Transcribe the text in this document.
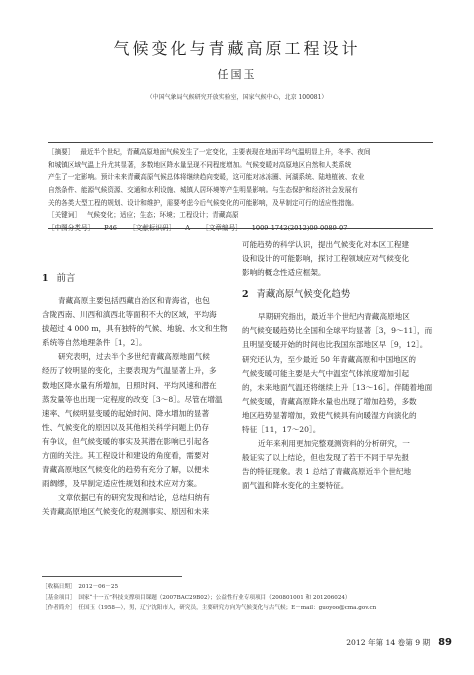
气候变化与青藏高原工程设计
任国玉
（中国气象局气候研究开放实验室，国家气候中心，北京 100081）
［摘要］ 最近半个世纪，青藏高原地面气候发生了一定变化，主要表现在地面平均气温明显上升，冬季、夜间
和城镇区域气温上升尤其显著，多数地区降水量呈现不同程度增加。气候变暖对高原地区自然和人类系统
产生了一定影响。预计未来青藏高原气候总体将继续趋向变暖，这可能对冰冻圈、河湖系统、陆地植被、农业
自然条件、能源气候资源、交通和水利设施、城镇人居环境等产生明显影响。与生态保护和经济社会发展有
关的各类大型工程的规划、设计和维护，需要考虑今后气候变化的可能影响，及早制定可行的适应性措施。
［关键词］ 气候变化；适应；生态；环境；工程设计；青藏高原
［中图分类号］ P46 ［文献标识码］ A ［文章编号］ 1009-1742(2012)09-0089-07
1 前言
青藏高原主要包括西藏自治区和青海省，也包
含陇西南、川西和滇西北等面积不大的区域，平均海
拔超过 4 000 m，具有独特的气候、地貌、水文和生物
系统等自然地理条件［1，2］。
研究表明，过去半个多世纪青藏高原地面气候
经历了较明显的变化，主要表现为气温显著上升，多
数地区降水量有所增加，日照时间、平均风速和潜在
蒸发量等也出现一定程度的改变［3～8］。尽管在增温
速率、气候明显变暖的起始时间、降水增加的显著
性、气候变化的原因以及其他相关科学问题上仍存
有争议，但气候变暖的事实及其潜在影响已引起各
方面的关注。其工程设计和建设的角度看，需要对
青藏高原地区气候变化的趋势有充分了解，以便未
雨绸缪，及早制定适应性规划和技术应对方案。
文章依据已有的研究发现和结论，总结归纳有
关青藏高原地区气候变化的观测事实、原因和未来
可能趋势的科学认识，提出气候变化对本区工程建
设和设计的可能影响，探讨工程领域应对气候变化
影响的概念性适应框架。
2 青藏高原气候变化趋势
早期研究指出，最近半个世纪内青藏高原地区
的气候变暖趋势比全国和全球平均显著［3，9～11］，而
且明显变暖开始的时间也比我国东部地区早［9，12］。
研究还认为，至少最近 50 年青藏高原和中国地区的
气候变暖可能主要是大气中温室气体浓度增加引起
的，未来地面气温还将继续上升［13～16］。伴随着地面
气候变暖，青藏高原降水量也出现了增加趋势，多数
地区趋势显著增加，致使气候具有向暖湿方向演化的
特征［11，17～20］。
近年来利用更加完整观测资料的分析研究，一
般证实了以上结论，但也发现了若干不同于早先报
告的特征现象。表 1 总结了青藏高原近半个世纪地
面气温和降水变化的主要特征。
［收稿日期］　2012－06－25
［基金项目］　国家“十一五”科技支撑项目课题（2007BAC29B02）；公益性行业专项项目（200801001 和 201206024）
［作者简介］　任国玉（1958—），男，辽宁沈阳市人，研究员，主要研究方向为气候变化与古气候；E－mail：guoyoo@cma.gov.cn
2012 年第 14 卷第 9 期 89
